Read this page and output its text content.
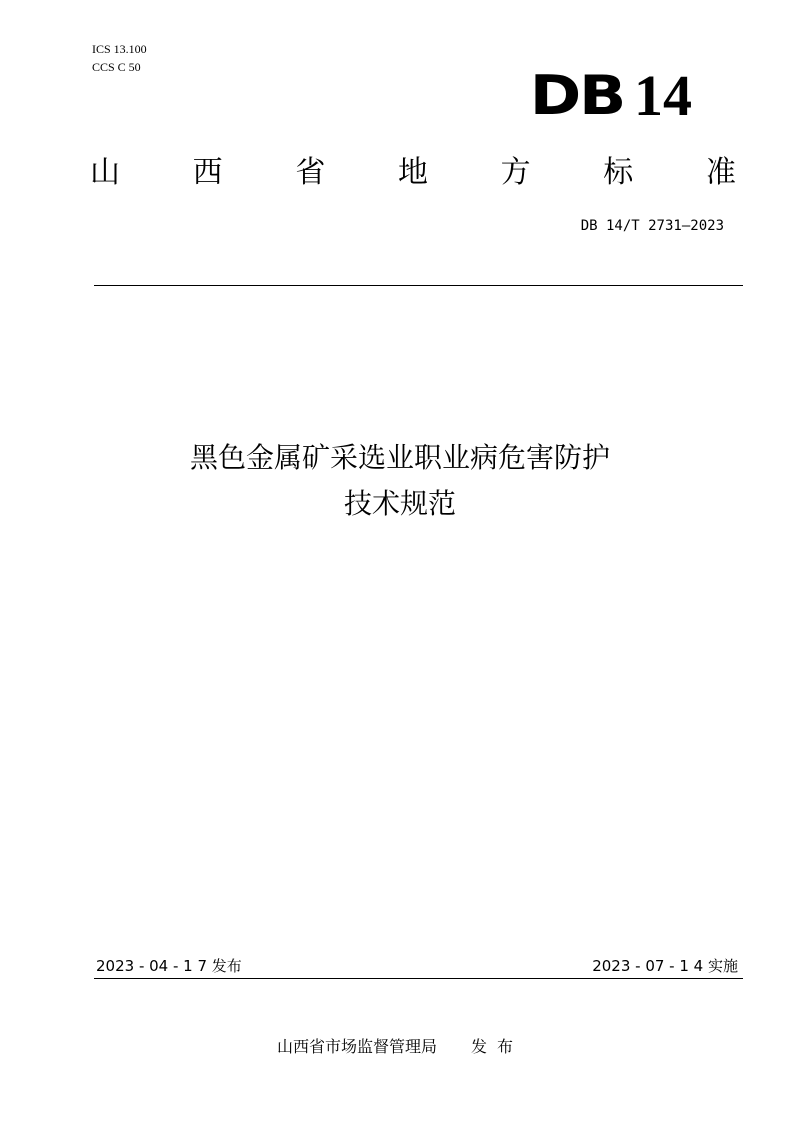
ICS 13.100
CCS C 50	DB 14
山 西 省 地 方 标 准
DB 14/T 2731—2023
黑色金属矿采选业职业病危害防护
技术规范
2023 - 04 - 1 7 发布	2023 - 07 - 1 4 实施
山西省市场监督管理局 发布
